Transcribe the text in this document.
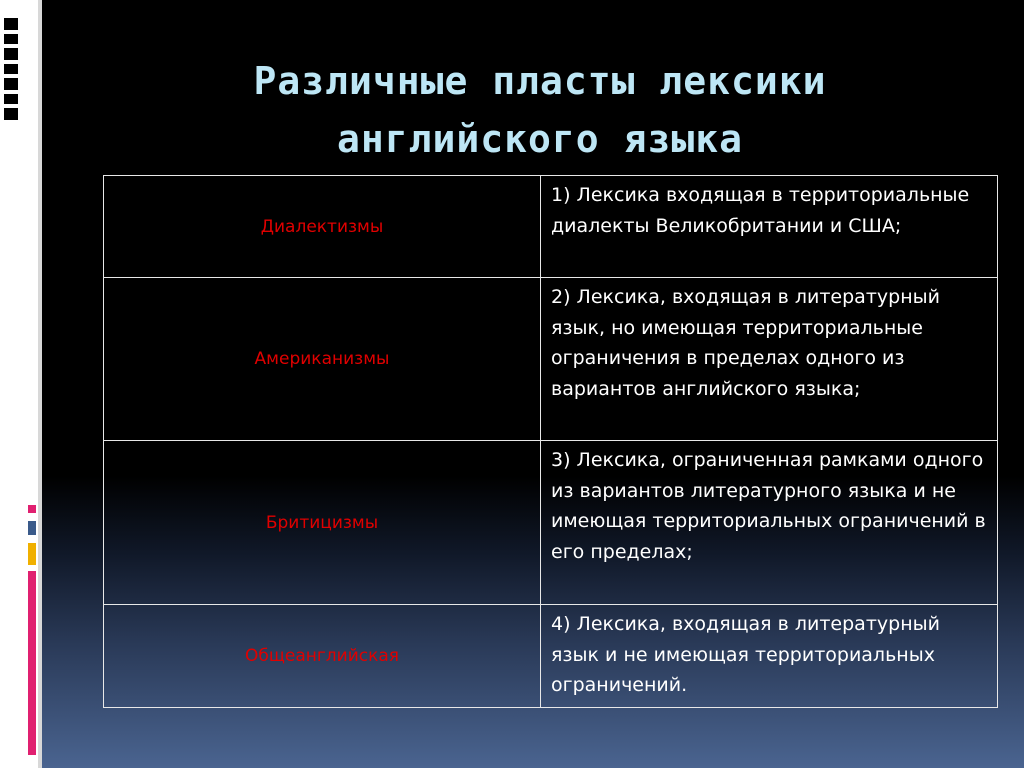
Различные пласты лексики
английского языка
Диалектизмы	1) Лексика входящая в территориальные диалекты Великобритании и США;
Американизмы	2) Лексика, входящая в литературный язык, но имеющая территориальные ограничения в пределах одного из вариантов английского языка;
Бритицизмы	3) Лексика, ограниченная рамками одного из вариантов литературного языка и не имеющая территориальных ограничений в его пределах;
Общеанглийская	4) Лексика, входящая в литературный язык и не имеющая территориальных ограничений.
